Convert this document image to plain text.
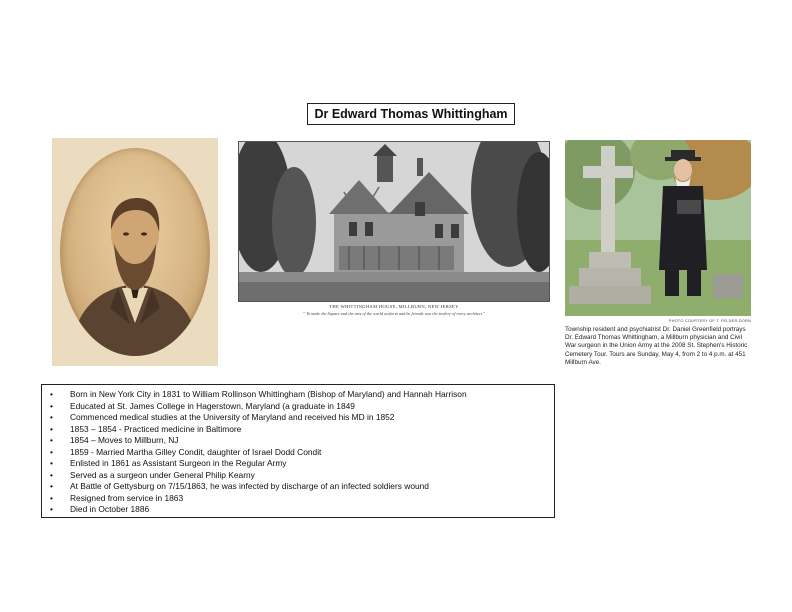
Dr Edward Thomas Whittingham
THE WHITTINGHAM HOUSE, MILLBURN, NEW JERSEY
" To make the Square and the arts of the world uniform and be friends was the zealery of every architect "
PHOTO COURTESY OF T. FELDER DORN
Township resident and psychiatrist Dr. Daniel Greenfield portrays Dr. Edward Thomas Whittingham, a Millburn physician and Civil War surgeon in the Union Army at the 2008 St. Stephen's Historic Cemetery Tour. Tours are Sunday, May 4, from 2 to 4 p.m. at 451 Millburn Ave.
• Born in New York City in 1831 to William Rollinson Whittingham (Bishop of Maryland) and Hannah Harrison
• Educated at St. James College in Hagerstown, Maryland (a graduate in 1849
• Commenced medical studies at the University of Maryland and received his MD in 1852
• 1853 – 1854 - Practiced medicine in Baltimore
• 1854 – Moves to Millburn, NJ
• 1859 - Married Martha Gilley Condit, daughter of Israel Dodd Condit
• Enlisted in 1861 as Assistant Surgeon in the Regular Army
• Served as a surgeon under General Philip Kearny
• At Battle of Gettysburg on 7/15/1863, he was infected by discharge of an infected soldiers wound
• Resigned from service in 1863
• Died in October 1886
